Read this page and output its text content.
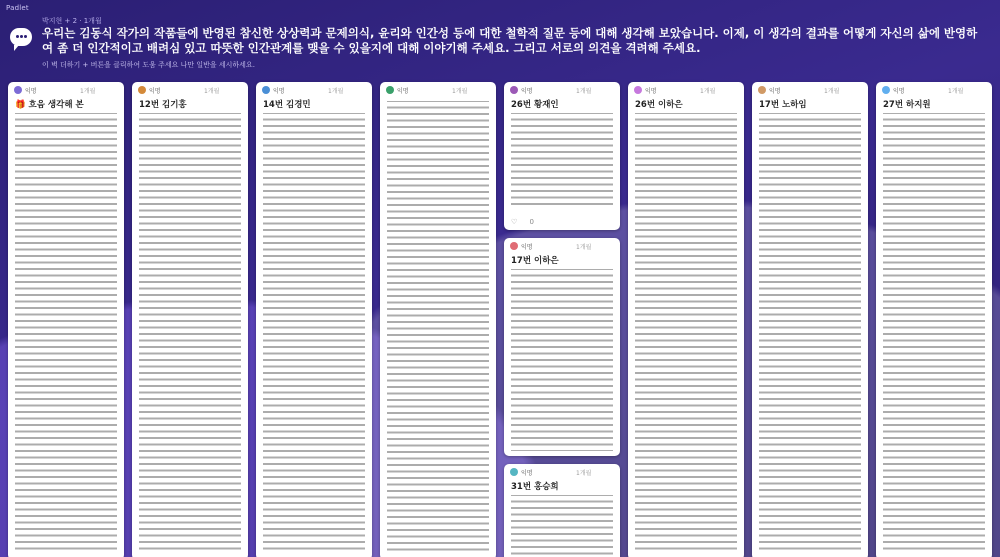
Padlet
박지현 + 2 · 1개월
우리는 김동식 작가의 작품들에 반영된 참신한 상상력과 문제의식, 윤리와 인간성 등에 대한 철학적 질문 등에 대해 생각해 보았습니다. 이제, 이 생각의 결과를 어떻게 자신의 삶에 반영하여 좀 더 인간적이고 배려심 있고 따뜻한 인간관계를 맺을 수 있을지에 대해 이야기해 주세요. 그리고 서로의 의견을 격려해 주세요.
이 벽 더하기 + 버튼을 클릭하여 도움 주세요 나만 일반을 세시하세요.
익명	1개월
🎁 흐음 생각해 본
익명	1개월
12번 김기홍
익명	1개월
14번 김경민
익명	1개월	익명	1개월
26번 황재인
♡ 0
익명	1개월
17번 이하은
익명	1개월
31번 홍승희
익명	1개월
26번 이하은
익명	1개월
17번 노하임
익명	1개월
27번 하지원
